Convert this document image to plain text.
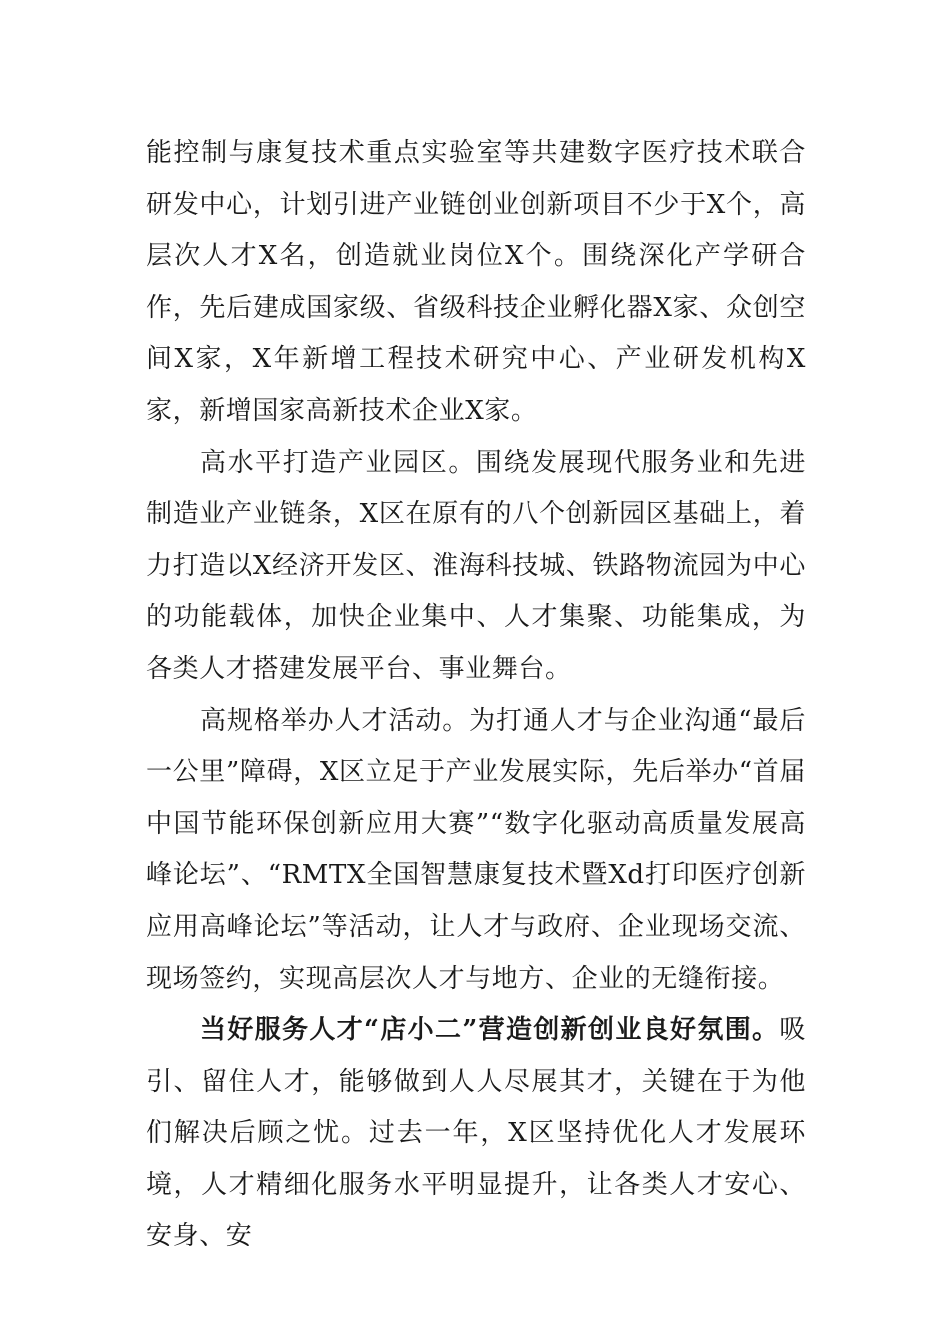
能控制与康复技术重点实验室等共建数字医疗技术联合研发中心，计划引进产业链创业创新项目不少于X个，高层次人才X名，创造就业岗位X个。围绕深化产学研合作，先后建成国家级、省级科技企业孵化器X家、众创空间X家，X年新增工程技术研究中心、产业研发机构X家，新增国家高新技术企业X家。

高水平打造产业园区。围绕发展现代服务业和先进制造业产业链条，X区在原有的八个创新园区基础上，着力打造以X经济开发区、淮海科技城、铁路物流园为中心的功能载体，加快企业集中、人才集聚、功能集成，为各类人才搭建发展平台、事业舞台。

高规格举办人才活动。为打通人才与企业沟通“最后一公里”障碍，X区立足于产业发展实际，先后举办“首届中国节能环保创新应用大赛”“数字化驱动高质量发展高峰论坛”、“RMTX全国智慧康复技术暨Xd打印医疗创新应用高峰论坛”等活动，让人才与政府、企业现场交流、现场签约，实现高层次人才与地方、企业的无缝衔接。

当好服务人才“店小二”营造创新创业良好氛围。吸引、留住人才，能够做到人人尽展其才，关键在于为他们解决后顾之忧。过去一年，X区坚持优化人才发展环境，人才精细化服务水平明显提升，让各类人才安心、安身、安
